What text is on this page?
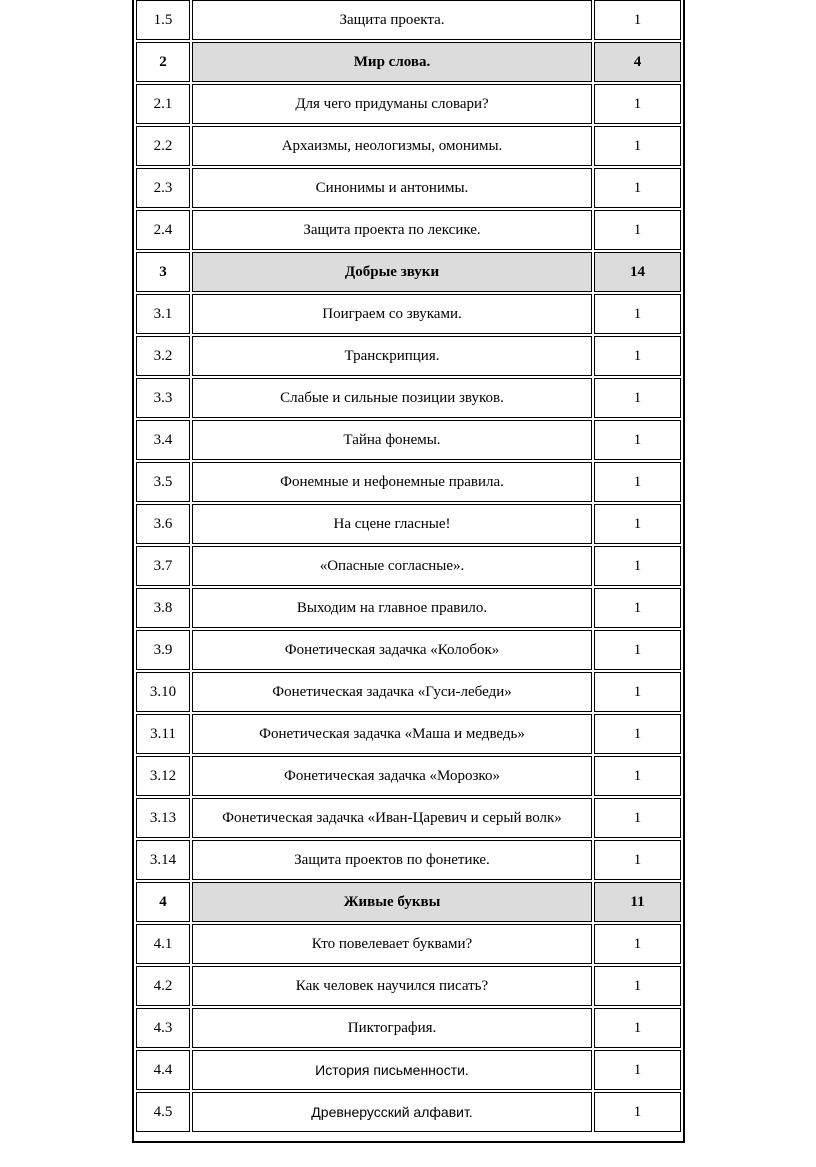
1.5	Защита проекта.	1
2	Мир слова.	4
2.1	Для чего придуманы словари?	1
2.2	Архаизмы, неологизмы, омонимы.	1
2.3	Синонимы и антонимы.	1
2.4	Защита проекта по лексике.	1
3	Добрые звуки	14
3.1	Поиграем со звуками.	1
3.2	Транскрипция.	1
3.3	Слабые и сильные позиции звуков.	1
3.4	Тайна фонемы.	1
3.5	Фонемные и нефонемные правила.	1
3.6	На сцене гласные!	1
3.7	«Опасные согласные».	1
3.8	Выходим на главное правило.	1
3.9	Фонетическая задачка «Колобок»	1
3.10	Фонетическая задачка «Гуси-лебеди»	1
3.11	Фонетическая задачка «Маша и медведь»	1
3.12	Фонетическая задачка «Морозко»	1
3.13	Фонетическая задачка «Иван-Царевич и серый волк»	1
3.14	Защита проектов по фонетике.	1
4	Живые буквы	11
4.1	Кто повелевает буквами?	1
4.2	Как человек научился писать?	1
4.3	Пиктография.	1
4.4	История письменности.	1
4.5	Древнерусский алфавит.	1
